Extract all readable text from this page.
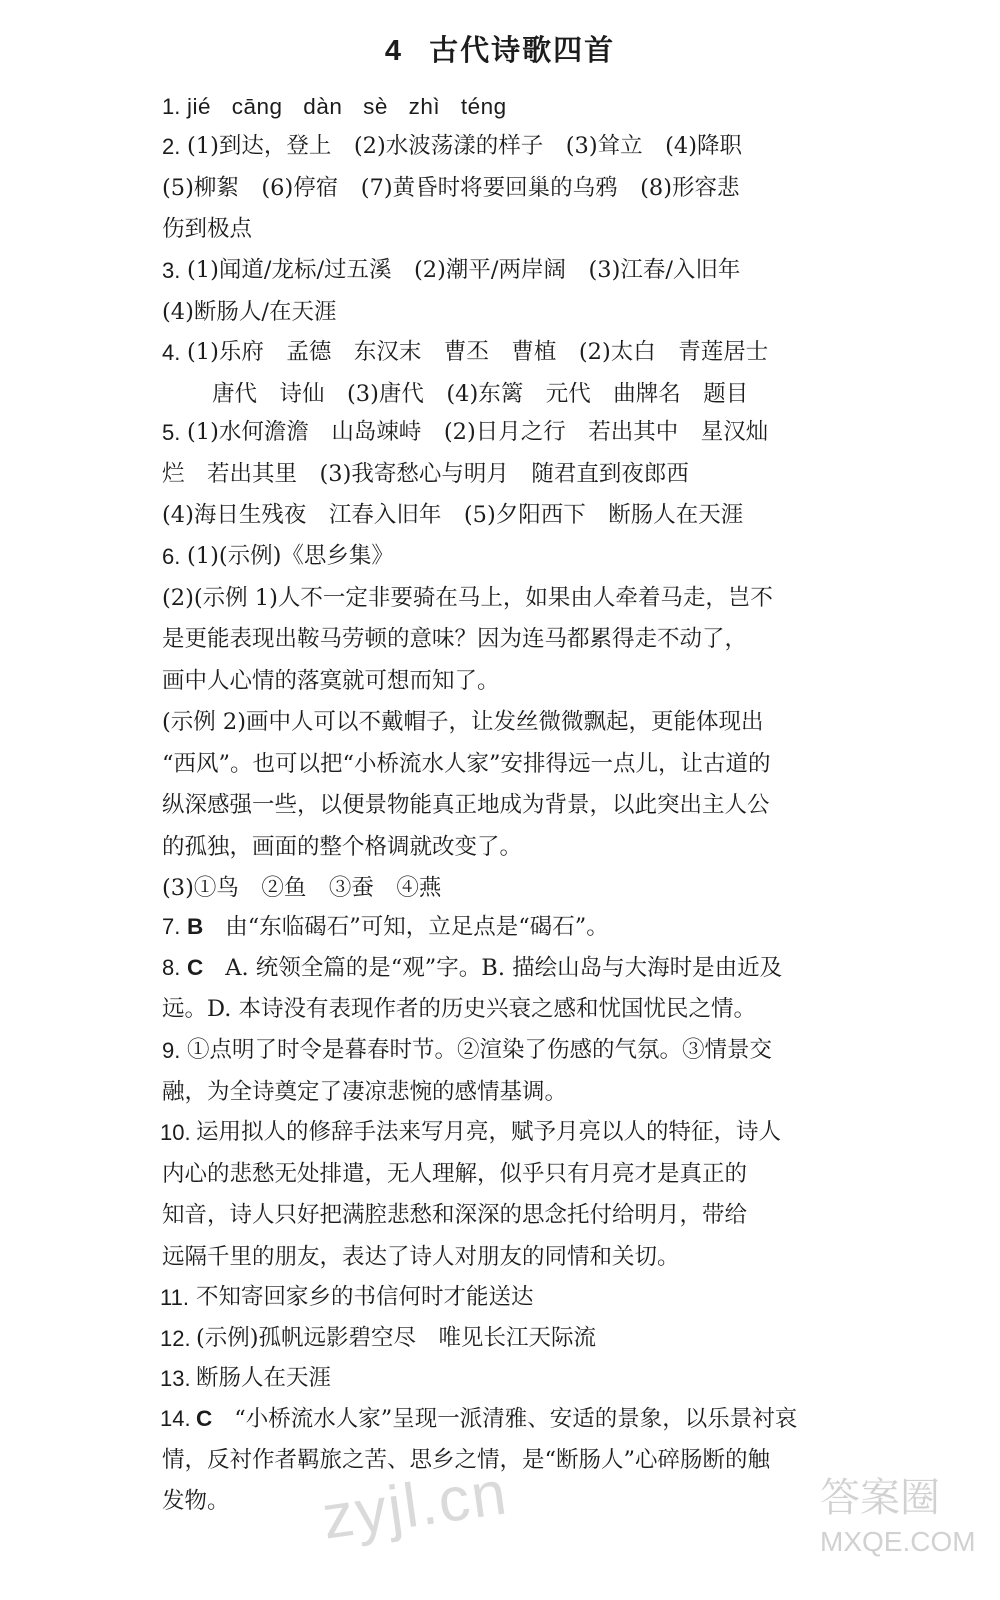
4 古代诗歌四首
1. jié cāng dàn sè zhì téng
2. (1)到达，登上　(2)水波荡漾的样子　(3)耸立　(4)降职
(5)柳絮　(6)停宿　(7)黄昏时将要回巢的乌鸦　(8)形容悲
伤到极点
3. (1)闻道/龙标/过五溪　(2)潮平/两岸阔　(3)江春/入旧年
(4)断肠人/在天涯
4. (1)乐府　孟德　东汉末　曹丕　曹植　(2)太白　青莲居士
唐代　诗仙　(3)唐代　(4)东篱　元代　曲牌名　题目
5. (1)水何澹澹　山岛竦峙　(2)日月之行　若出其中　星汉灿
烂　若出其里　(3)我寄愁心与明月　随君直到夜郎西
(4)海日生残夜　江春入旧年　(5)夕阳西下　断肠人在天涯
6. (1)(示例)《思乡集》
(2)(示例 1)人不一定非要骑在马上，如果由人牵着马走，岂不
是更能表现出鞍马劳顿的意味？因为连马都累得走不动了，
画中人心情的落寞就可想而知了。
(示例 2)画中人可以不戴帽子，让发丝微微飘起，更能体现出
“西风”。也可以把“小桥流水人家”安排得远一点儿，让古道的
纵深感强一些，以便景物能真正地成为背景，以此突出主人公
的孤独，画面的整个格调就改变了。
(3)①鸟　②鱼　③蚕　④燕
7. B 由“东临碣石”可知，立足点是“碣石”。
8. C A. 统领全篇的是“观”字。B. 描绘山岛与大海时是由近及
远。D. 本诗没有表现作者的历史兴衰之感和忧国忧民之情。
9. ①点明了时令是暮春时节。②渲染了伤感的气氛。③情景交
融，为全诗奠定了凄凉悲惋的感情基调。
10. 运用拟人的修辞手法来写月亮，赋予月亮以人的特征，诗人
内心的悲愁无处排遣，无人理解，似乎只有月亮才是真正的
知音，诗人只好把满腔悲愁和深深的思念托付给明月，带给
远隔千里的朋友，表达了诗人对朋友的同情和关切。
11. 不知寄回家乡的书信何时才能送达
12. (示例)孤帆远影碧空尽　唯见长江天际流
13. 断肠人在天涯
14. C “小桥流水人家”呈现一派清雅、安适的景象，以乐景衬哀
情，反衬作者羁旅之苦、思乡之情，是“断肠人”心碎肠断的触
发物。	zyjl.cn	答案圈
MXQE.COM
